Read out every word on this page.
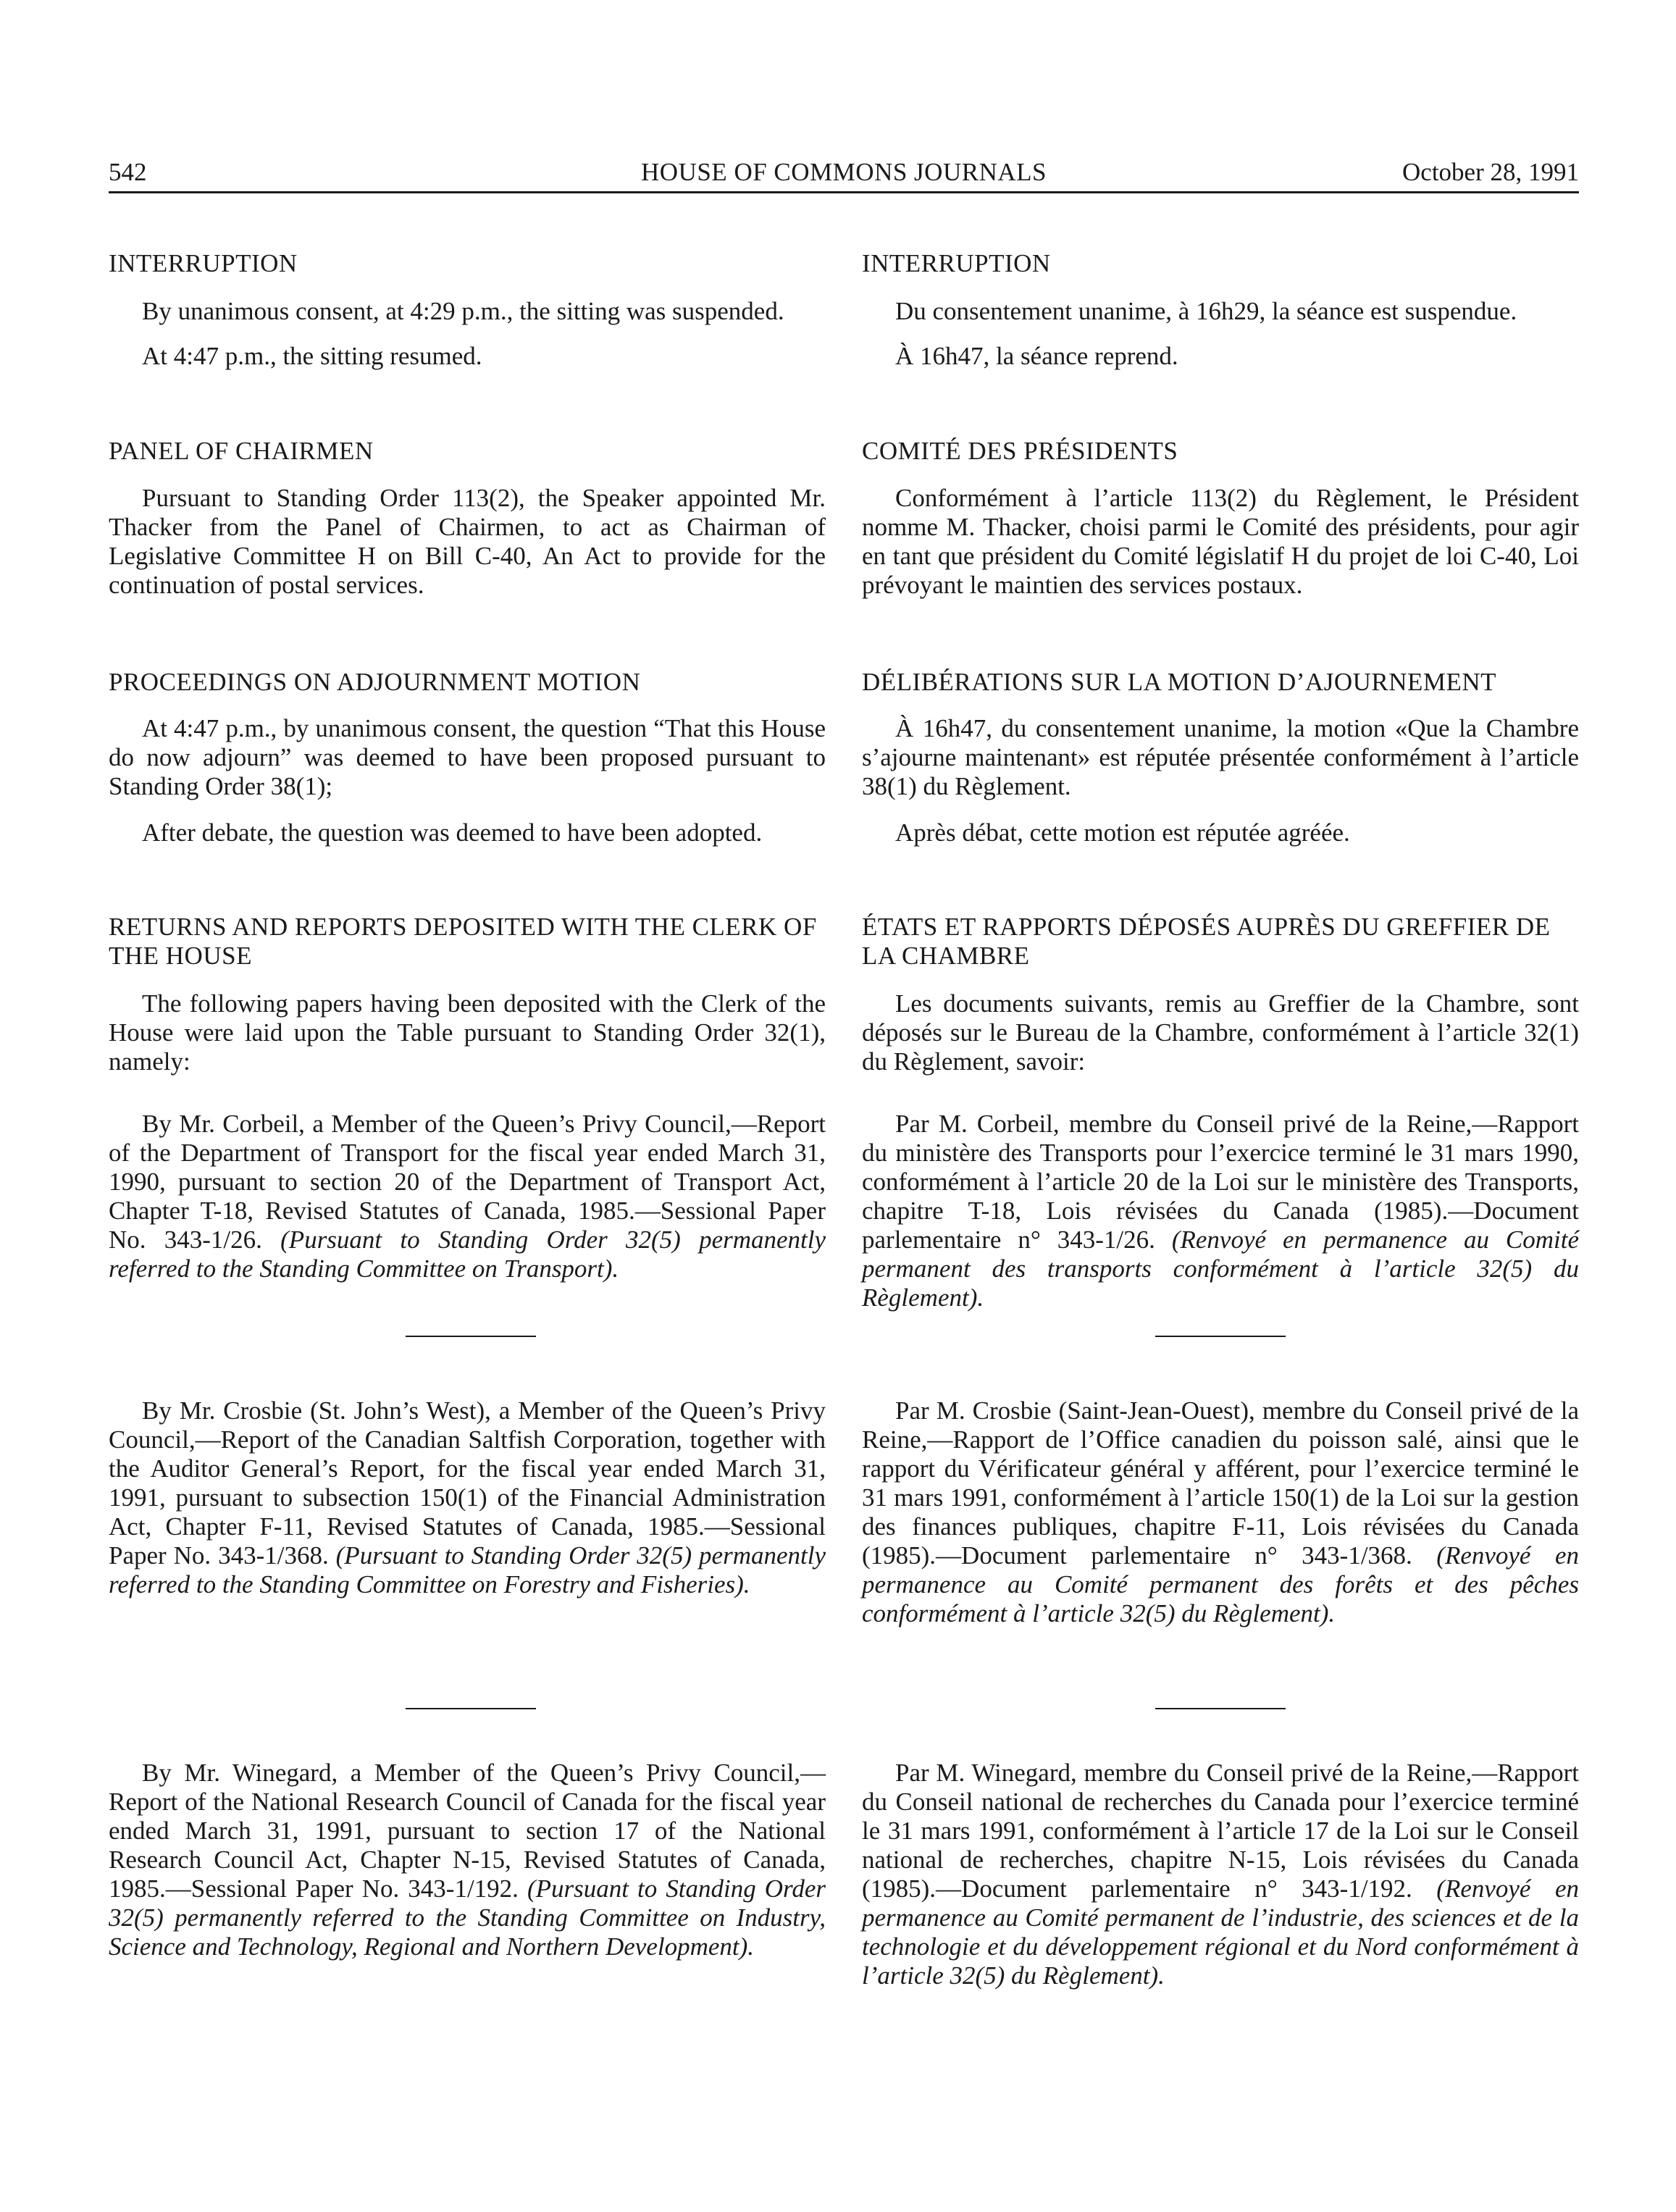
542	HOUSE OF COMMONS JOURNALS	October 28, 1991
INTERRUPTION

By unanimous consent, at 4:29 p.m., the sitting was suspended.

At 4:47 p.m., the sitting resumed.

PANEL OF CHAIRMEN

Pursuant to Standing Order 113(2), the Speaker appointed Mr. Thacker from the Panel of Chairmen, to act as Chairman of Legislative Committee H on Bill C-40, An Act to provide for the continuation of postal services.

PROCEEDINGS ON ADJOURNMENT MOTION

At 4:47 p.m., by unanimous consent, the question “That this House do now adjourn” was deemed to have been proposed pursuant to Standing Order 38(1);

After debate, the question was deemed to have been adopted.

RETURNS AND REPORTS DEPOSITED WITH THE CLERK OF THE HOUSE

The following papers having been deposited with the Clerk of the House were laid upon the Table pursuant to Standing Order 32(1), namely:

By Mr. Corbeil, a Member of the Queen’s Privy Council,—Report of the Department of Transport for the fiscal year ended March 31, 1990, pursuant to section 20 of the Department of Transport Act, Chapter T-18, Revised Statutes of Canada, 1985.—Sessional Paper No. 343-1/26. (Pursuant to Standing Order 32(5) permanently referred to the Standing Committee on Transport).

By Mr. Crosbie (St. John’s West), a Member of the Queen’s Privy Council,—Report of the Canadian Saltfish Corporation, together with the Auditor General’s Report, for the fiscal year ended March 31, 1991, pursuant to subsection 150(1) of the Financial Administration Act, Chapter F-11, Revised Statutes of Canada, 1985.—Sessional Paper No. 343-1/368. (Pursuant to Standing Order 32(5) permanently referred to the Standing Committee on Forestry and Fisheries).

By Mr. Winegard, a Member of the Queen’s Privy Council,—Report of the National Research Council of Canada for the fiscal year ended March 31, 1991, pursuant to section 17 of the National Research Council Act, Chapter N-15, Revised Statutes of Canada, 1985.—Sessional Paper No. 343-1/192. (Pursuant to Standing Order 32(5) permanently referred to the Standing Committee on Industry, Science and Technology, Regional and Northern Development).

INTERRUPTION

Du consentement unanime, à 16h29, la séance est suspendue.

À 16h47, la séance reprend.

COMITÉ DES PRÉSIDENTS

Conformément à l’article 113(2) du Règlement, le Président nomme M. Thacker, choisi parmi le Comité des présidents, pour agir en tant que président du Comité législatif H du projet de loi C-40, Loi prévoyant le maintien des services postaux.

DÉLIBÉRATIONS SUR LA MOTION D’AJOURNEMENT

À 16h47, du consentement unanime, la motion «Que la Chambre s’ajourne maintenant» est réputée présentée conformément à l’article 38(1) du Règlement.

Après débat, cette motion est réputée agréée.

ÉTATS ET RAPPORTS DÉPOSÉS AUPRÈS DU GREFFIER DE LA CHAMBRE

Les documents suivants, remis au Greffier de la Chambre, sont déposés sur le Bureau de la Chambre, conformément à l’article 32(1) du Règlement, savoir:

Par M. Corbeil, membre du Conseil privé de la Reine,—Rapport du ministère des Transports pour l’exercice terminé le 31 mars 1990, conformément à l’article 20 de la Loi sur le ministère des Transports, chapitre T-18, Lois révisées du Canada (1985).—Document parlementaire n° 343-1/26. (Renvoyé en permanence au Comité permanent des transports conformément à l’article 32(5) du Règlement).

Par M. Crosbie (Saint-Jean-Ouest), membre du Conseil privé de la Reine,—Rapport de l’Office canadien du poisson salé, ainsi que le rapport du Vérificateur général y afférent, pour l’exercice terminé le 31 mars 1991, conformément à l’article 150(1) de la Loi sur la gestion des finances publiques, chapitre F-11, Lois révisées du Canada (1985).—Document parlementaire n° 343-1/368. (Renvoyé en permanence au Comité permanent des forêts et des pêches conformément à l’article 32(5) du Règlement).

Par M. Winegard, membre du Conseil privé de la Reine,—Rapport du Conseil national de recherches du Canada pour l’exercice terminé le 31 mars 1991, conformément à l’article 17 de la Loi sur le Conseil national de recherches, chapitre N-15, Lois révisées du Canada (1985).—Document parlementaire n° 343-1/192. (Renvoyé en permanence au Comité permanent de l’industrie, des sciences et de la technologie et du développement régional et du Nord conformément à l’article 32(5) du Règlement).
